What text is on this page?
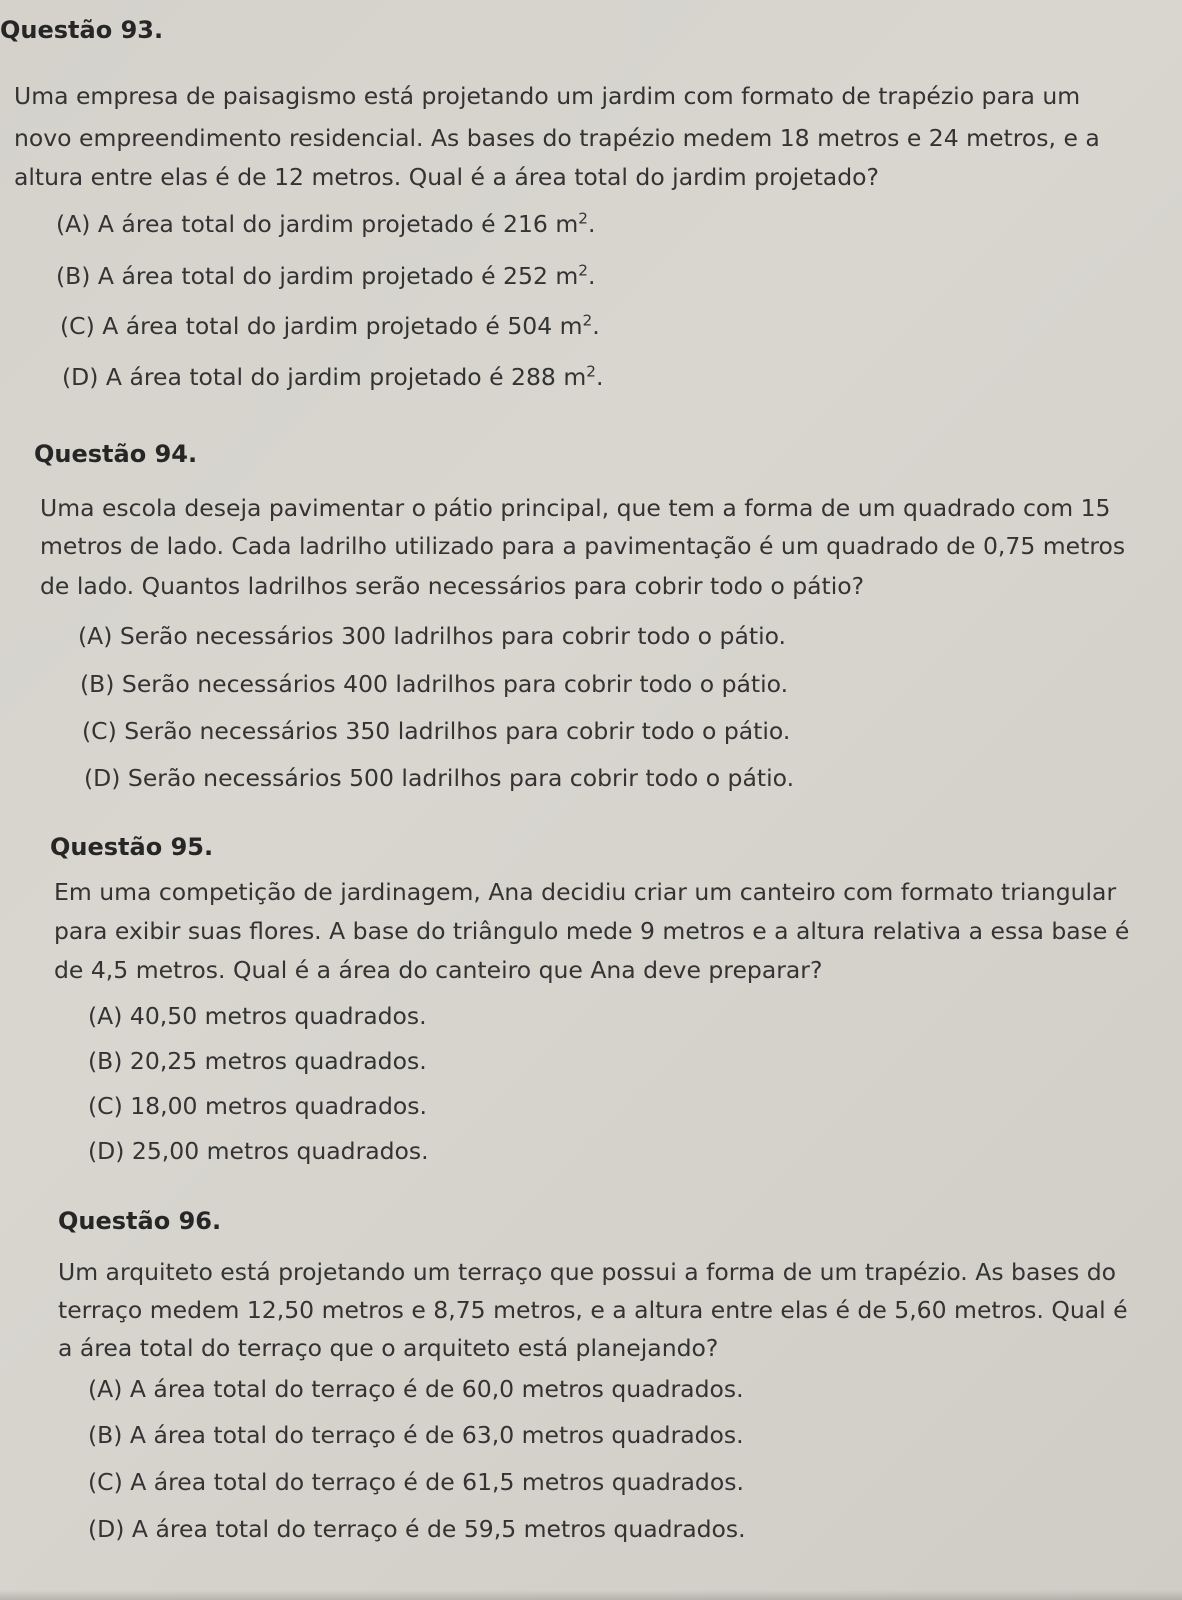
Questão 93.
Uma empresa de paisagismo está projetando um jardim com formato de trapézio para um
novo empreendimento residencial. As bases do trapézio medem 18 metros e 24 metros, e a
altura entre elas é de 12 metros. Qual é a área total do jardim projetado?
(A) A área total do jardim projetado é 216 $m^2$.
(B) A área total do jardim projetado é 252 $m^2$.
(C) A área total do jardim projetado é 504 $m^2$.
(D) A área total do jardim projetado é 288 $m^2$.
Questão 94.
Uma escola deseja pavimentar o pátio principal, que tem a forma de um quadrado com 15
metros de lado. Cada ladrilho utilizado para a pavimentação é um quadrado de 0,75 metros
de lado. Quantos ladrilhos serão necessários para cobrir todo o pátio?
(A) Serão necessários 300 ladrilhos para cobrir todo o pátio.
(B) Serão necessários 400 ladrilhos para cobrir todo o pátio.
(C) Serão necessários 350 ladrilhos para cobrir todo o pátio.
(D) Serão necessários 500 ladrilhos para cobrir todo o pátio.
Questão 95.
Em uma competição de jardinagem, Ana decidiu criar um canteiro com formato triangular
para exibir suas flores. A base do triângulo mede 9 metros e a altura relativa a essa base é
de 4,5 metros. Qual é a área do canteiro que Ana deve preparar?
(A) 40,50 metros quadrados.
(B) 20,25 metros quadrados.
(C) 18,00 metros quadrados.
(D) 25,00 metros quadrados.
Questão 96.
Um arquiteto está projetando um terraço que possui a forma de um trapézio. As bases do
terraço medem 12,50 metros e 8,75 metros, e a altura entre elas é de 5,60 metros. Qual é
a área total do terraço que o arquiteto está planejando?
(A) A área total do terraço é de 60,0 metros quadrados.
(B) A área total do terraço é de 63,0 metros quadrados.
(C) A área total do terraço é de 61,5 metros quadrados.
(D) A área total do terraço é de 59,5 metros quadrados.
